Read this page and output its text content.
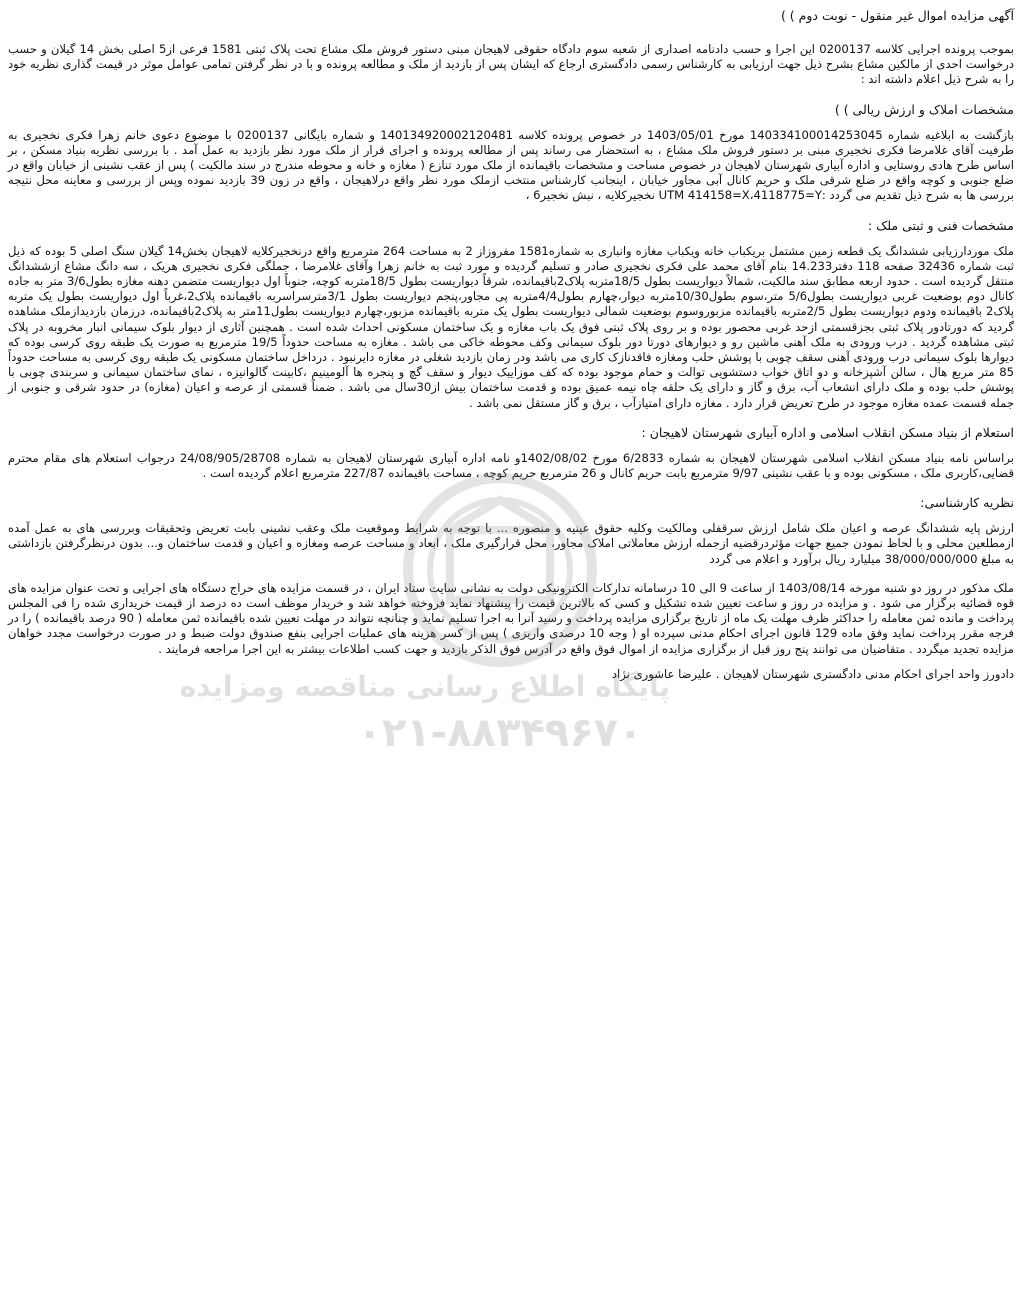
پایگاه اطلاع رسانی مناقصه ومزایده
۰۲۱-۸۸۳۴۹۶۷۰
آگهی مزایده اموال غیر منقول - نوبت دوم ) )

بموجب پرونده اجرایی کلاسه 0200137 این اجرا و حسب دادنامه اصداری از شعبه سوم دادگاه حقوقی لاهیجان مبنی دستور فروش ملک مشاع تحت پلاک ثبتی 1581 فرعی از5 اصلی بخش 14 گیلان و حسب درخواست احدی از مالکین مشاع بشرح ذیل جهت ارزیابی به کارشناس رسمی دادگستری ارجاع که ایشان پس از بازدید از ملک و مطالعه پرونده و با در نظر گرفتن تمامی عوامل موثر در قیمت گذاری نظریه خود را به شرح ذیل اعلام داشته اند :

مشخصات املاک و ارزش ریالی ) )

بازگشت به ابلاغیه شماره 140334100014253045 مورخ 1403/05/01 در خصوص پرونده کلاسه 140134920002120481 و شماره بایگانی 0200137 با موضوع دعوی خانم زهرا فکری نخجیری به طرفیت آقای غلامرضا فکری نخجیری مبنی بر دستور فروش ملک مشاع ، به استحضار می رساند پس از مطالعه پرونده و اجرای قرار از ملک مورد نظر بازدید به عمل آمد . با بررسی نظریه بنیاد مسکن ، بر اساس طرح هادی روستایی و اداره آبیاری شهرستان لاهیجان در خصوص مساحت و مشخصات باقیمانده از ملک مورد تنازع ( مغازه و خانه و محوطه مندرج در سند مالکیت ) پس از عقب نشینی از خیابان واقع در ضلع جنوبی و کوچه واقع در ضلع شرقی ملک و حریم کانال آبی مجاور خیابان ، اینجانب کارشناس منتخب ازملک مورد نظر واقع درلاهیجان ، واقع در زون 39 بازدید نموده وپس از بررسی و معاینه محل نتیجه بررسی ها به شرح ذیل تقدیم می گردد :UTM 414158=X،4118775=Y نخجیرکلایه ، نبش نخجیر6 ،

مشخصات فنی و ثبتی ملک :

ملک موردارزیابی ششدانگ یک قطعه زمین مشتمل بریکباب خانه ویکباب مغازه وانباری به شماره1581 مفروزاز 2 به مساحت 264 مترمربع واقع درنخجیرکلایه لاهیجان بخش14 گیلان سنگ اصلی 5 بوده که ذیل ثبت شماره 32436 صفحه 118 دفتر14.233 بنام آقای محمد علی فکری نخجیری صادر و تسلیم گردیده و مورد ثبت به خانم زهرا وآقای غلامرضا ، جملگی فکری نخجیری هریک ، سه دانگ مشاع ازششدانگ منتقل گردیده است . حدود اربعه مطابق سند مالکیت، شمالاً دیواریست بطول 18/5متربه پلاک2باقیمانده، شرقاً دیواریست بطول 18/5متربه کوچه، جنوباً اول دیواریست متضمن دهنه مغازه بطول3/6 متر به جاده کانال دوم بوضعیت غربی دیواریست بطول5/6 متر،سوم بطول10/30متربه دیوار،چهارم بطول4/4متربه پی مجاور،پنجم دیواریست بطول 3/1مترسراسربه باقیمانده پلاک2،غرباً اول دیواریست بطول یک متربه پلاک2 باقیمانده ودوم دیواریست بطول 2/5متربه باقیمانده مزبوروسوم بوضعیت شمالی دیواریست بطول یک متربه باقیمانده مزبور،چهارم دیواریست بطول11متر به پلاک2باقیمانده، درزمان بازدیدازملک مشاهده گردید که دورتادور پلاک ثبتی بجزقسمتی ازحد غربی محصور بوده و بر روی پلاک ثبتی فوق یک باب مغازه و یک ساختمان مسکونی احداث شده است . همچنین آثاری از دیوار بلوک سیمانی انبار مخروبه در پلاک ثبتی مشاهده گردید . درب ورودی به ملک آهنی ماشین رو و دیوارهای دورتا دور بلوک سیمانی وکف محوطه خاکی می باشد . مغازه به مساحت حدوداً 19/5 مترمربع به صورت یک طبقه روی کرسی بوده که دیوارها بلوک سیمانی درب ورودی آهنی سقف چوبی با پوشش حلب ومغازه فاقدنازک کاری می باشد ودر زمان بازدید شغلی در مغازه دایرنبود . درداخل ساختمان مسکونی یک طبقه روی کرسی به مساحت حدوداً 85 متر مربع هال ، سالن آشپزخانه و دو اتاق خواب دستشویی توالت و حمام موجود بوده که کف موزاییک دیوار و سقف گچ و پنجره ها آلومینیم ،کابینت گالوانیزه ، نمای ساختمان سیمانی و سربندی چوبی با پوشش حلب بوده و ملک دارای انشعاب آب، برق و گاز و دارای یک حلقه چاه نیمه عمیق بوده و قدمت ساختمان بیش از30سال می باشد . ضمناً قسمتی از عرصه و اعیان (مغازه) در حدود شرقی و جنوبی از جمله قسمت عمده مغازه موجود در طرح تعریض قرار دارد . مغازه دارای امتیازآب ، برق و گاز مستقل نمی باشد .

استعلام از بنیاد مسکن انقلاب اسلامی و اداره آبیاری شهرستان لاهیجان :

براساس نامه بنیاد مسکن انقلاب اسلامی شهرستان لاهیجان به شماره 6/2833 مورخ 1402/08/02و نامه اداره آبیاری شهرستان لاهیجان به شماره 24/08/905/28708 درجواب استعلام های مقام محترم قضایی،کاربری ملک ، مسکونی بوده و با عقب نشینی 9/97 مترمربع بابت حریم کانال و 26 مترمربع حریم کوچه ، مساحت باقیمانده 227/87 مترمربع اعلام گردیده است .

نظریه کارشناسی:

ارزش پایه ششدانگ عرصه و اعیان ملک شامل ارزش سرقفلی ومالکیت وکلیه حقوق عینیه و منصوره ... با توجه به شرایط وموقعیت ملک وعقب نشینی بابت تعریض وتحقیقات وبررسی های به عمل آمده ازمطلعین محلی و با لحاظ نمودن جمیع جهات مؤثردرقضیه ازجمله ارزش معاملاتی املاک مجاور، محل قرارگیری ملک ، ابعاد و مساحت عرصه ومغازه و اعیان و قدمت ساختمان و... بدون درنظرگرفتن بازداشتی به مبلغ 38/000/000/000 میلیارد ریال برآورد و اعلام می گردد

ملک مذکور در روز دو شنبه مورخه 1403/08/14 از ساعت 9 الی 10 درسامانه تدارکات الکترونیکی دولت به نشانی سایت ستاد ایران ، در قسمت مزایده های حراج دستگاه های اجرایی و تحت عنوان مزایده های قوه قضائیه برگزار می شود . و مزایده در روز و ساعت تعیین شده تشکیل و کسی که بالاترین قیمت را پیشنهاد نماید فروخته خواهد شد و خریدار موظف است ده درصد از قیمت خریداری شده را فی المجلس پرداخت و مانده ثمن معامله را حداکثر ظرف مهلت یک ماه از تاریخ برگزاری مزایده پرداخت و رسید آنرا به اجرا تسلیم نماید و چنانچه نتواند در مهلت تعیین شده باقیمانده ثمن معامله ( 90 درصد باقیمانده ) را در فرجه مقرر پرداخت نماید وفق ماده 129 قانون اجرای احکام مدنی سپرده او ( وجه 10 درصدی واریزی ) پس از کسر هزینه های عملیات اجرایی بنفع صندوق دولت ضبط و در صورت درخواست مجدد خواهان مزایده تجدید میگردد . متقاضیان می توانند پنج روز قبل از برگزاری مزایده از اموال فوق واقع در آدرس فوق الذکر بازدید و جهت کسب اطلاعات بیشتر به این اجرا مراجعه فرمایند .

دادورز واحد اجرای احکام مدنی دادگستری شهرستان لاهیجان . علیرضا عاشوری نژاد
